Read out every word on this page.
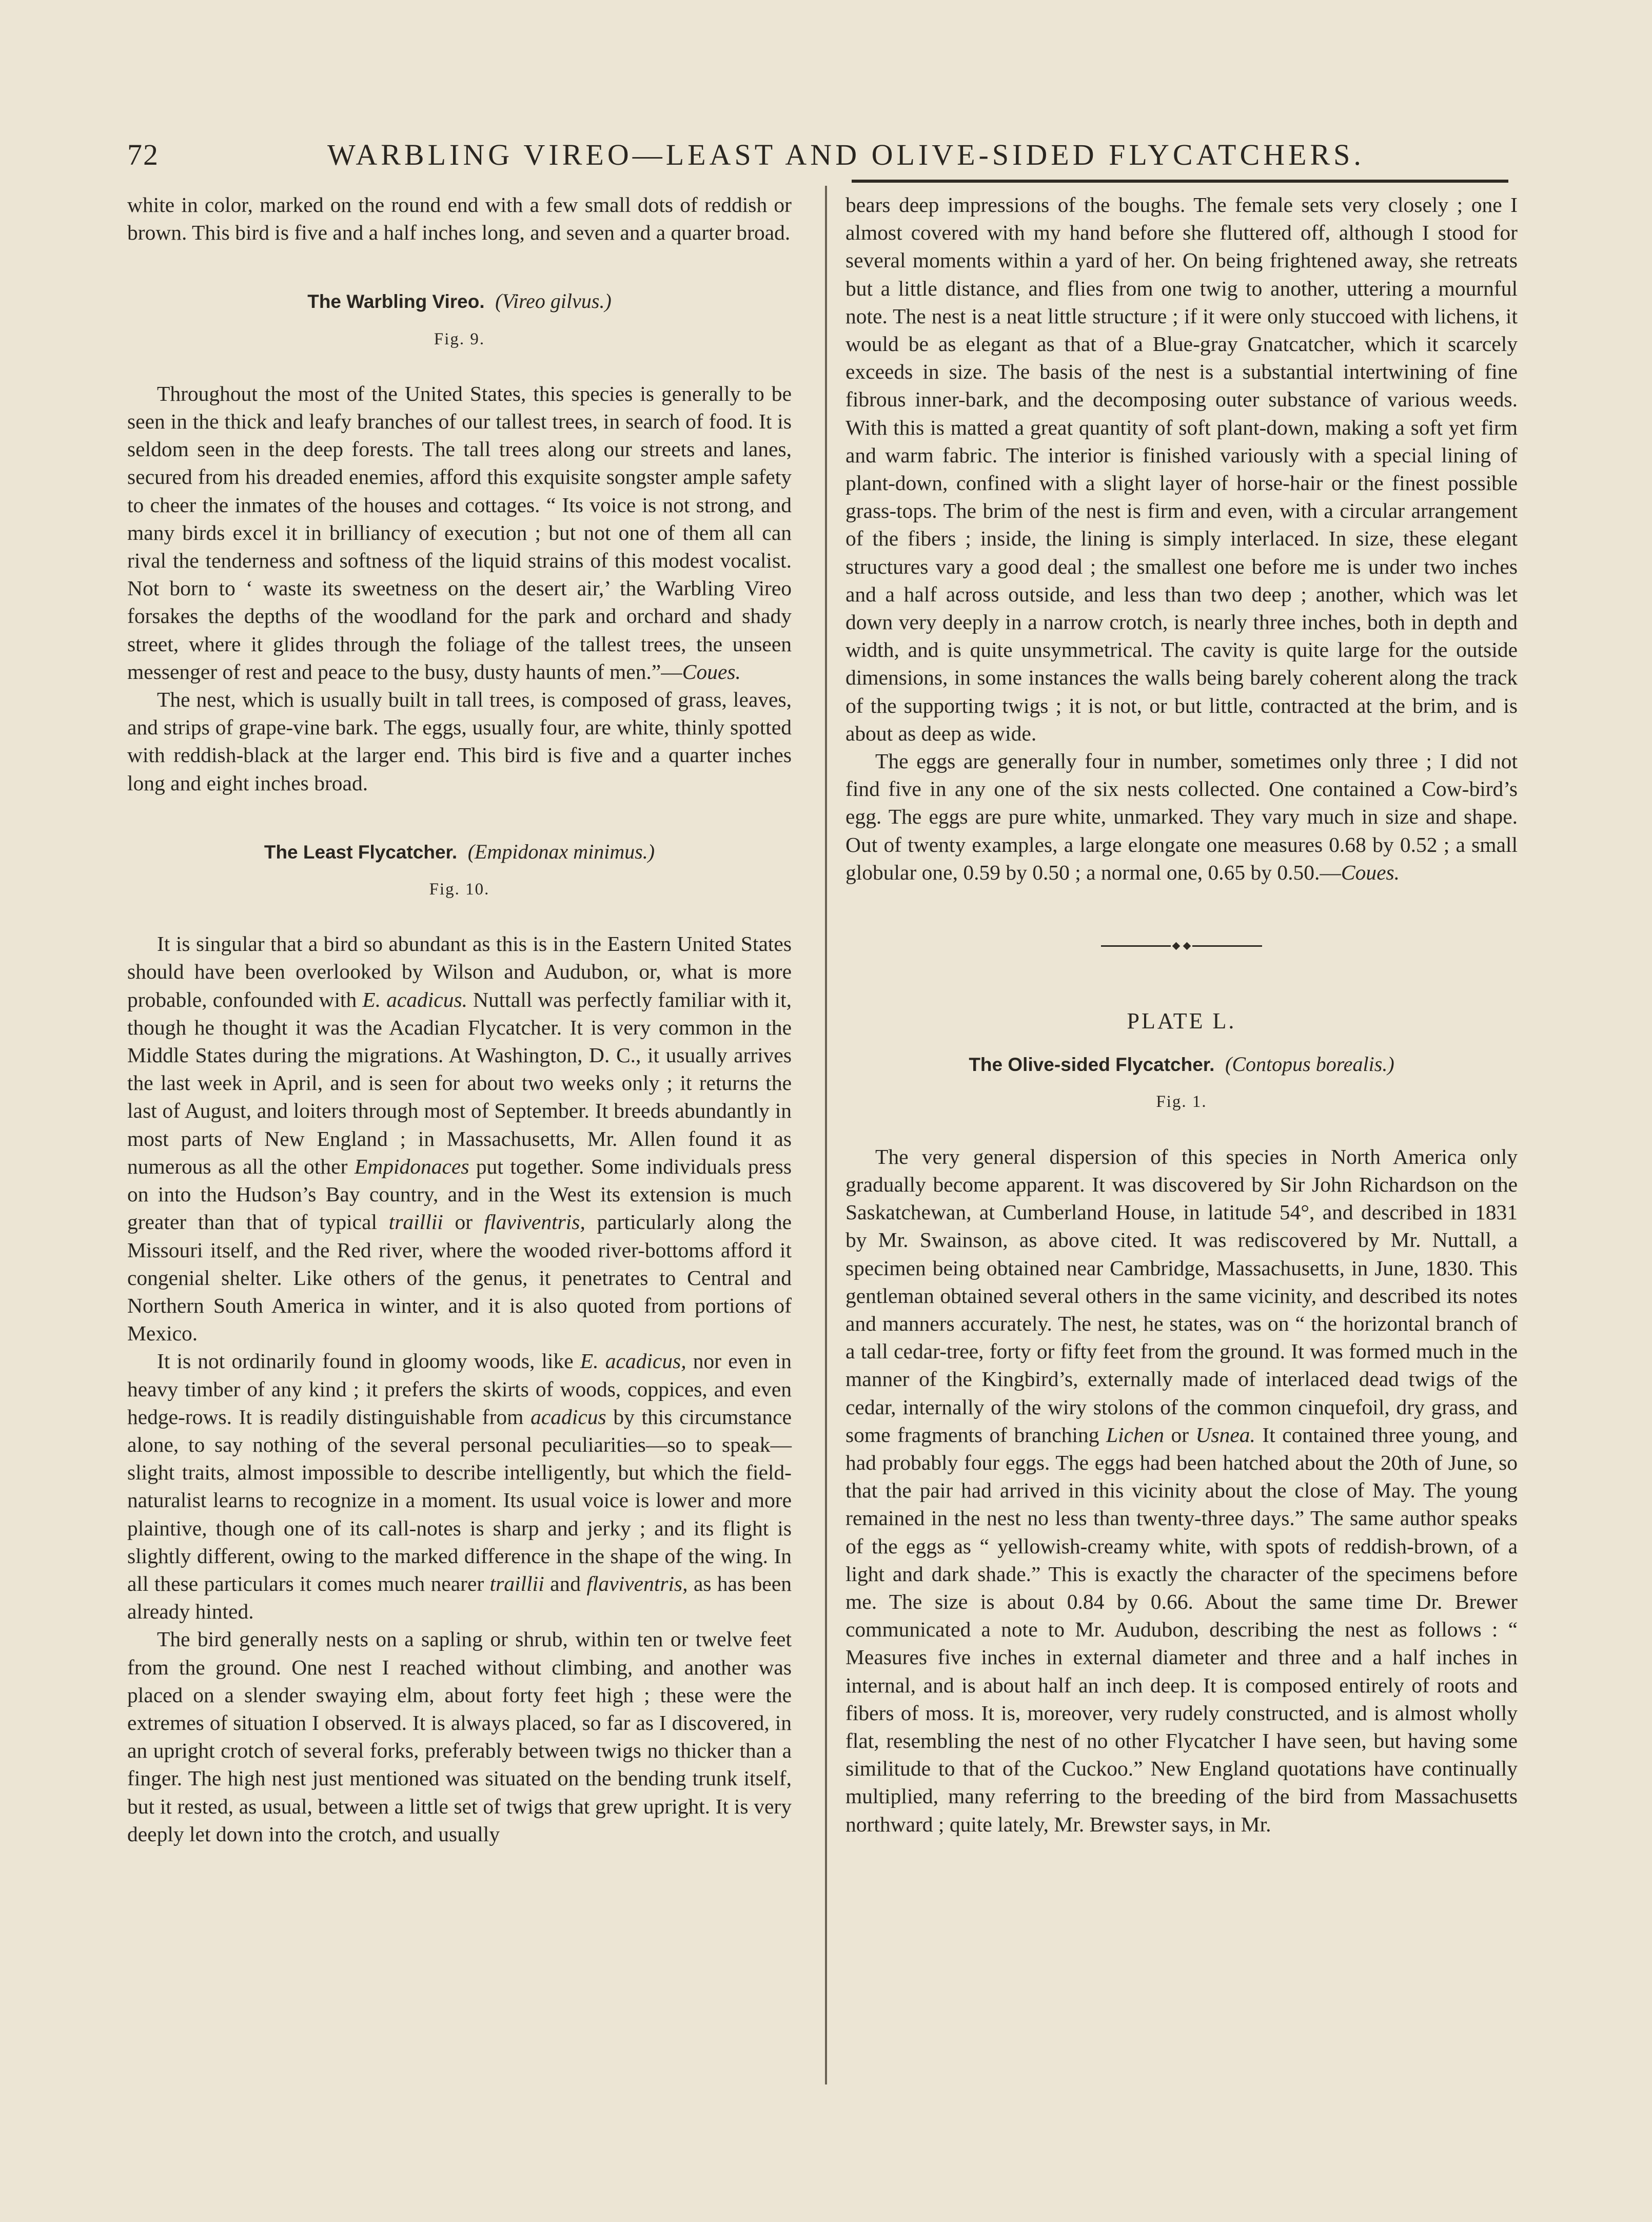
72	WARBLING VIREO—LEAST AND OLIVE-SIDED FLYCATCHERS.

white in color, marked on the round end with a few small dots of reddish or brown. This bird is five and a half inches long, and seven and a quarter broad.

The Warbling Vireo. (Vireo gilvus.)
Fig. 9.

Throughout the most of the United States, this species is generally to be seen in the thick and leafy branches of our tallest trees, in search of food. It is seldom seen in the deep forests. The tall trees along our streets and lanes, secured from his dreaded enemies, afford this exquisite songster ample safety to cheer the inmates of the houses and cottages. “ Its voice is not strong, and many birds excel it in brilliancy of execution ; but not one of them all can rival the tenderness and softness of the liquid strains of this modest vocalist. Not born to ‘ waste its sweetness on the desert air,’ the Warbling Vireo forsakes the depths of the woodland for the park and orchard and shady street, where it glides through the foliage of the tallest trees, the unseen messenger of rest and peace to the busy, dusty haunts of men.”—Coues.

The nest, which is usually built in tall trees, is composed of grass, leaves, and strips of grape-vine bark. The eggs, usually four, are white, thinly spotted with reddish-black at the larger end. This bird is five and a quarter inches long and eight inches broad.

The Least Flycatcher. (Empidonax minimus.)
Fig. 10.

It is singular that a bird so abundant as this is in the Eastern United States should have been overlooked by Wilson and Audubon, or, what is more probable, confounded with E. acadicus. Nuttall was perfectly familiar with it, though he thought it was the Acadian Flycatcher. It is very common in the Middle States during the migrations. At Washington, D. C., it usually arrives the last week in April, and is seen for about two weeks only ; it returns the last of August, and loiters through most of September. It breeds abundantly in most parts of New England ; in Massachusetts, Mr. Allen found it as numerous as all the other Empidonaces put together. Some individuals press on into the Hudson’s Bay country, and in the West its extension is much greater than that of typical traillii or flaviventris, particularly along the Missouri itself, and the Red river, where the wooded river-bottoms afford it congenial shelter. Like others of the genus, it penetrates to Central and Northern South America in winter, and it is also quoted from portions of Mexico.

It is not ordinarily found in gloomy woods, like E. acadicus, nor even in heavy timber of any kind ; it prefers the skirts of woods, coppices, and even hedge-rows. It is readily distinguishable from acadicus by this circumstance alone, to say nothing of the several personal peculiarities—so to speak—slight traits, almost impossible to describe intelligently, but which the field-naturalist learns to recognize in a moment. Its usual voice is lower and more plaintive, though one of its call-notes is sharp and jerky ; and its flight is slightly different, owing to the marked difference in the shape of the wing. In all these particulars it comes much nearer traillii and flaviventris, as has been already hinted.

The bird generally nests on a sapling or shrub, within ten or twelve feet from the ground. One nest I reached without climbing, and another was placed on a slender swaying elm, about forty feet high ; these were the extremes of situation I observed. It is always placed, so far as I discovered, in an upright crotch of several forks, preferably between twigs no thicker than a finger. The high nest just mentioned was situated on the bending trunk itself, but it rested, as usual, between a little set of twigs that grew upright. It is very deeply let down into the crotch, and usually

bears deep impressions of the boughs. The female sets very closely ; one I almost covered with my hand before she fluttered off, although I stood for several moments within a yard of her. On being frightened away, she retreats but a little distance, and flies from one twig to another, uttering a mournful note. The nest is a neat little structure ; if it were only stuccoed with lichens, it would be as elegant as that of a Blue-gray Gnatcatcher, which it scarcely exceeds in size. The basis of the nest is a substantial intertwining of fine fibrous inner-bark, and the decomposing outer substance of various weeds. With this is matted a great quantity of soft plant-down, making a soft yet firm and warm fabric. The interior is finished variously with a special lining of plant-down, confined with a slight layer of horse-hair or the finest possible grass-tops. The brim of the nest is firm and even, with a circular arrangement of the fibers ; inside, the lining is simply interlaced. In size, these elegant structures vary a good deal ; the smallest one before me is under two inches and a half across outside, and less than two deep ; another, which was let down very deeply in a narrow crotch, is nearly three inches, both in depth and width, and is quite unsymmetrical. The cavity is quite large for the outside dimensions, in some instances the walls being barely coherent along the track of the supporting twigs ; it is not, or but little, contracted at the brim, and is about as deep as wide.

The eggs are generally four in number, sometimes only three ; I did not find five in any one of the six nests collected. One contained a Cow-bird’s egg. The eggs are pure white, unmarked. They vary much in size and shape. Out of twenty examples, a large elongate one measures 0.68 by 0.52 ; a small globular one, 0.59 by 0.50 ; a normal one, 0.65 by 0.50.—Coues.

PLATE L.
The Olive-sided Flycatcher. (Contopus borealis.)
Fig. 1.

The very general dispersion of this species in North America only gradually become apparent. It was discovered by Sir John Richardson on the Saskatchewan, at Cumberland House, in latitude 54°, and described in 1831 by Mr. Swainson, as above cited. It was rediscovered by Mr. Nuttall, a specimen being obtained near Cambridge, Massachusetts, in June, 1830. This gentleman obtained several others in the same vicinity, and described its notes and manners accurately. The nest, he states, was on “ the horizontal branch of a tall cedar-tree, forty or fifty feet from the ground. It was formed much in the manner of the Kingbird’s, externally made of interlaced dead twigs of the cedar, internally of the wiry stolons of the common cinquefoil, dry grass, and some fragments of branching Lichen or Usnea. It contained three young, and had probably four eggs. The eggs had been hatched about the 20th of June, so that the pair had arrived in this vicinity about the close of May. The young remained in the nest no less than twenty-three days.” The same author speaks of the eggs as “ yellowish-creamy white, with spots of reddish-brown, of a light and dark shade.” This is exactly the character of the specimens before me. The size is about 0.84 by 0.66. About the same time Dr. Brewer communicated a note to Mr. Audubon, describing the nest as follows : “ Measures five inches in external diameter and three and a half inches in internal, and is about half an inch deep. It is composed entirely of roots and fibers of moss. It is, moreover, very rudely constructed, and is almost wholly flat, resembling the nest of no other Flycatcher I have seen, but having some similitude to that of the Cuckoo.” New England quotations have continually multiplied, many referring to the breeding of the bird from Massachusetts northward ; quite lately, Mr. Brewster says, in Mr.
